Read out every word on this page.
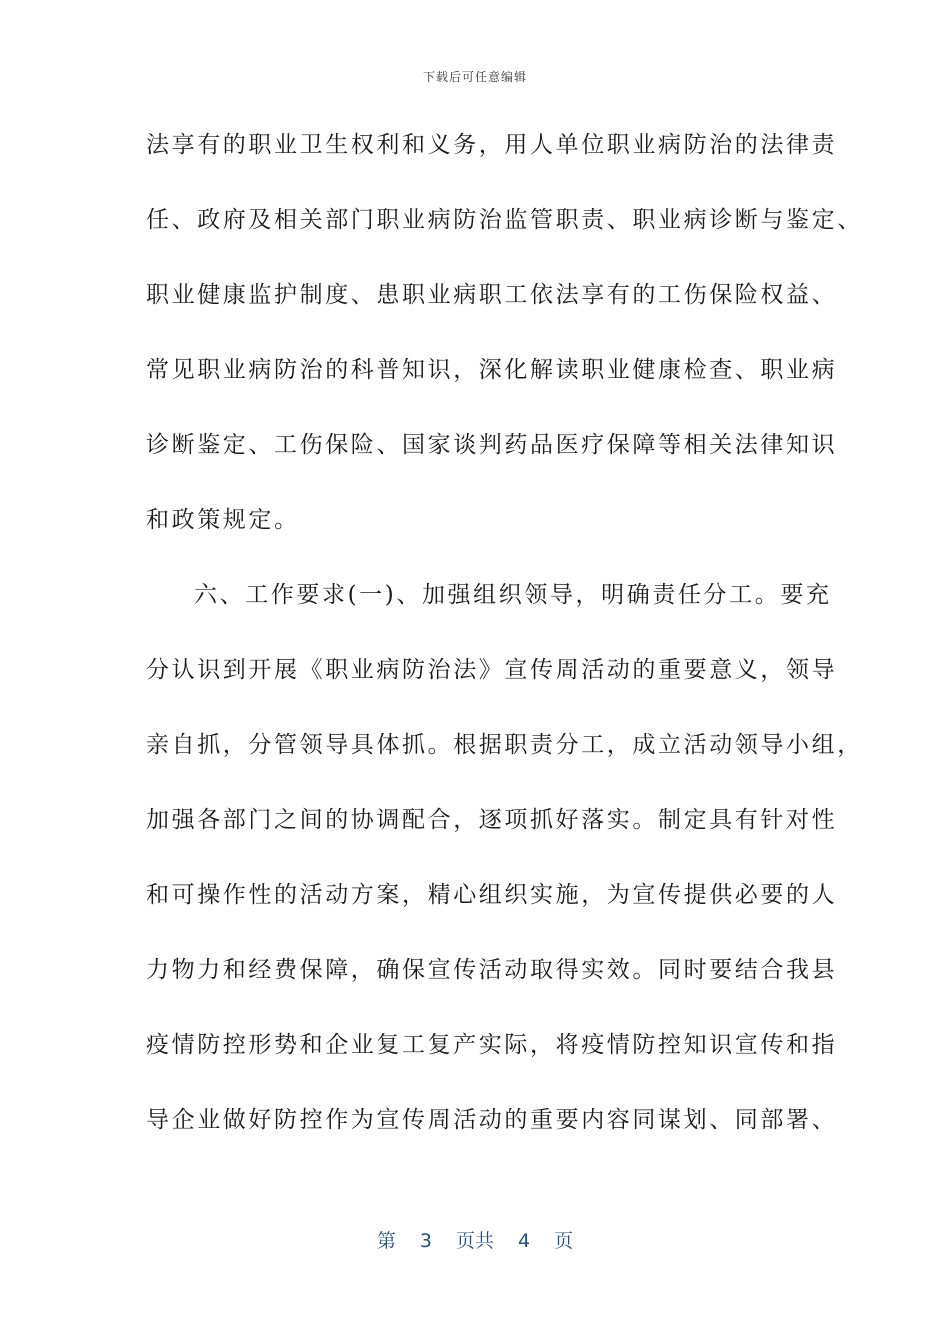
下载后可任意编辑
法享有的职业卫生权利和义务，用人单位职业病防治的法律责
任、政府及相关部门职业病防治监管职责、职业病诊断与鉴定、
职业健康监护制度、患职业病职工依法享有的工伤保险权益、
常见职业病防治的科普知识，深化解读职业健康检查、职业病
诊断鉴定、工伤保险、国家谈判药品医疗保障等相关法律知识
和政策规定。
六、工作要求(一)、加强组织领导，明确责任分工。要充
分认识到开展《职业病防治法》宣传周活动的重要意义，领导
亲自抓，分管领导具体抓。根据职责分工，成立活动领导小组，
加强各部门之间的协调配合，逐项抓好落实。制定具有针对性
和可操作性的活动方案，精心组织实施，为宣传提供必要的人
力物力和经费保障，确保宣传活动取得实效。同时要结合我县
疫情防控形势和企业复工复产实际，将疫情防控知识宣传和指
导企业做好防控作为宣传周活动的重要内容同谋划、同部署、
第 3 页共 4 页
